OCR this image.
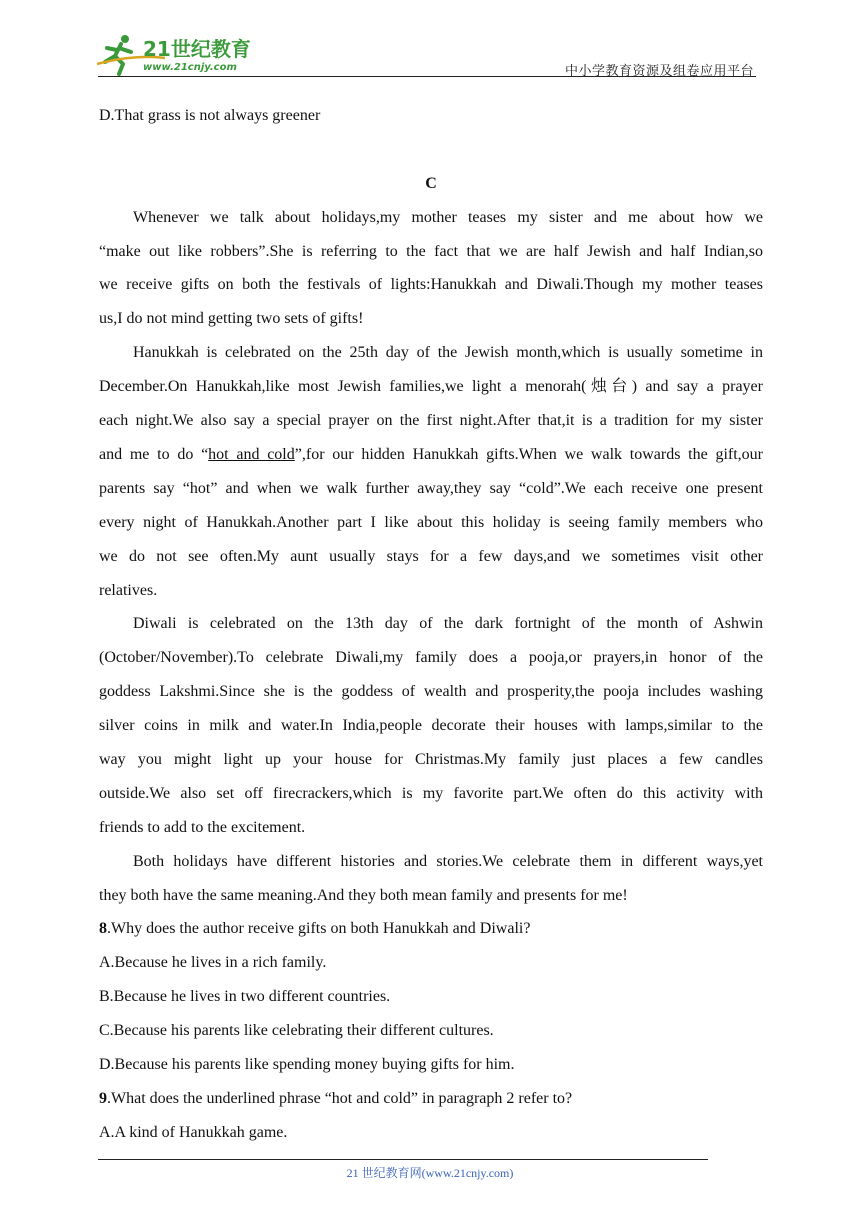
21世纪教育
www.21cnjy.com	中小学教育资源及组卷应用平台
D.That grass is not always greener
C
Whenever we talk about holidays,my mother teases my sister and me about how we
“make out like robbers”.She is referring to the fact that we are half Jewish and half Indian,so
we receive gifts on both the festivals of lights:Hanukkah and Diwali.Though my mother teases
us,I do not mind getting two sets of gifts!
Hanukkah is celebrated on the 25th day of the Jewish month,which is usually sometime in
December.On Hanukkah,like most Jewish families,we light a menorah(烛台) and say a prayer
each night.We also say a special prayer on the first night.After that,it is a tradition for my sister
and me to do “hot and cold”,for our hidden Hanukkah gifts.When we walk towards the gift,our
parents say “hot” and when we walk further away,they say “cold”.We each receive one present
every night of Hanukkah.Another part I like about this holiday is seeing family members who
we do not see often.My aunt usually stays for a few days,and we sometimes visit other
relatives.
Diwali is celebrated on the 13th day of the dark fortnight of the month of Ashwin
(October/November).To celebrate Diwali,my family does a pooja,or prayers,in honor of the
goddess Lakshmi.Since she is the goddess of wealth and prosperity,the pooja includes washing
silver coins in milk and water.In India,people decorate their houses with lamps,similar to the
way you might light up your house for Christmas.My family just places a few candles
outside.We also set off firecrackers,which is my favorite part.We often do this activity with
friends to add to the excitement.
Both holidays have different histories and stories.We celebrate them in different ways,yet
they both have the same meaning.And they both mean family and presents for me!
8.Why does the author receive gifts on both Hanukkah and Diwali?
A.Because he lives in a rich family.
B.Because he lives in two different countries.
C.Because his parents like celebrating their different cultures.
D.Because his parents like spending money buying gifts for him.
9.What does the underlined phrase “hot and cold” in paragraph 2 refer to?
A.A kind of Hanukkah game.
21 世纪教育网(www.21cnjy.com)
